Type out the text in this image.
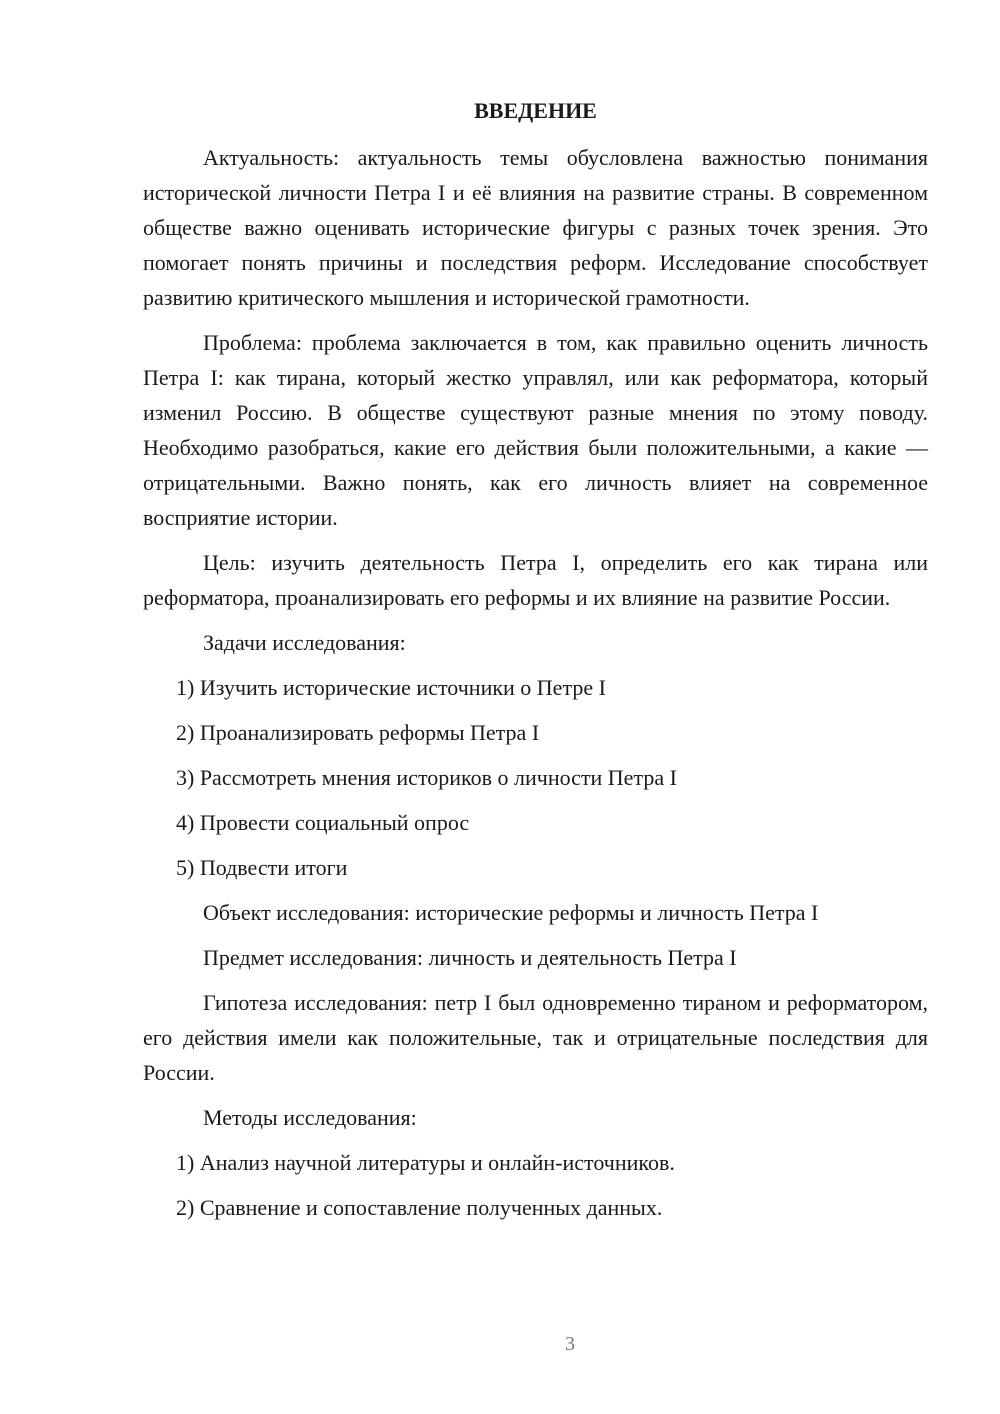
ВВЕДЕНИЕ

Актуальность: актуальность темы обусловлена важностью понимания исторической личности Петра I и её влияния на развитие страны. В современном обществе важно оценивать исторические фигуры с разных точек зрения. Это помогает понять причины и последствия реформ. Исследование способствует развитию критического мышления и исторической грамотности.

Проблема: проблема заключается в том, как правильно оценить личность Петра I: как тирана, который жестко управлял, или как реформатора, который изменил Россию. В обществе существуют разные мнения по этому поводу. Необходимо разобраться, какие его действия были положительными, а какие — отрицательными. Важно понять, как его личность влияет на современное восприятие истории.

Цель: изучить деятельность Петра I, определить его как тирана или реформатора, проанализировать его реформы и их влияние на развитие России.

Задачи исследования:
1) Изучить исторические источники о Петре I
2) Проанализировать реформы Петра I
3) Рассмотреть мнения историков о личности Петра I
4) Провести социальный опрос
5) Подвести итоги
Объект исследования: исторические реформы и личность Петра I
Предмет исследования: личность и деятельность Петра I

Гипотеза исследования: петр I был одновременно тираном и реформатором, его действия имели как положительные, так и отрицательные последствия для России.

Методы исследования:
1) Анализ научной литературы и онлайн-источников.
2) Сравнение и сопоставление полученных данных.
3
